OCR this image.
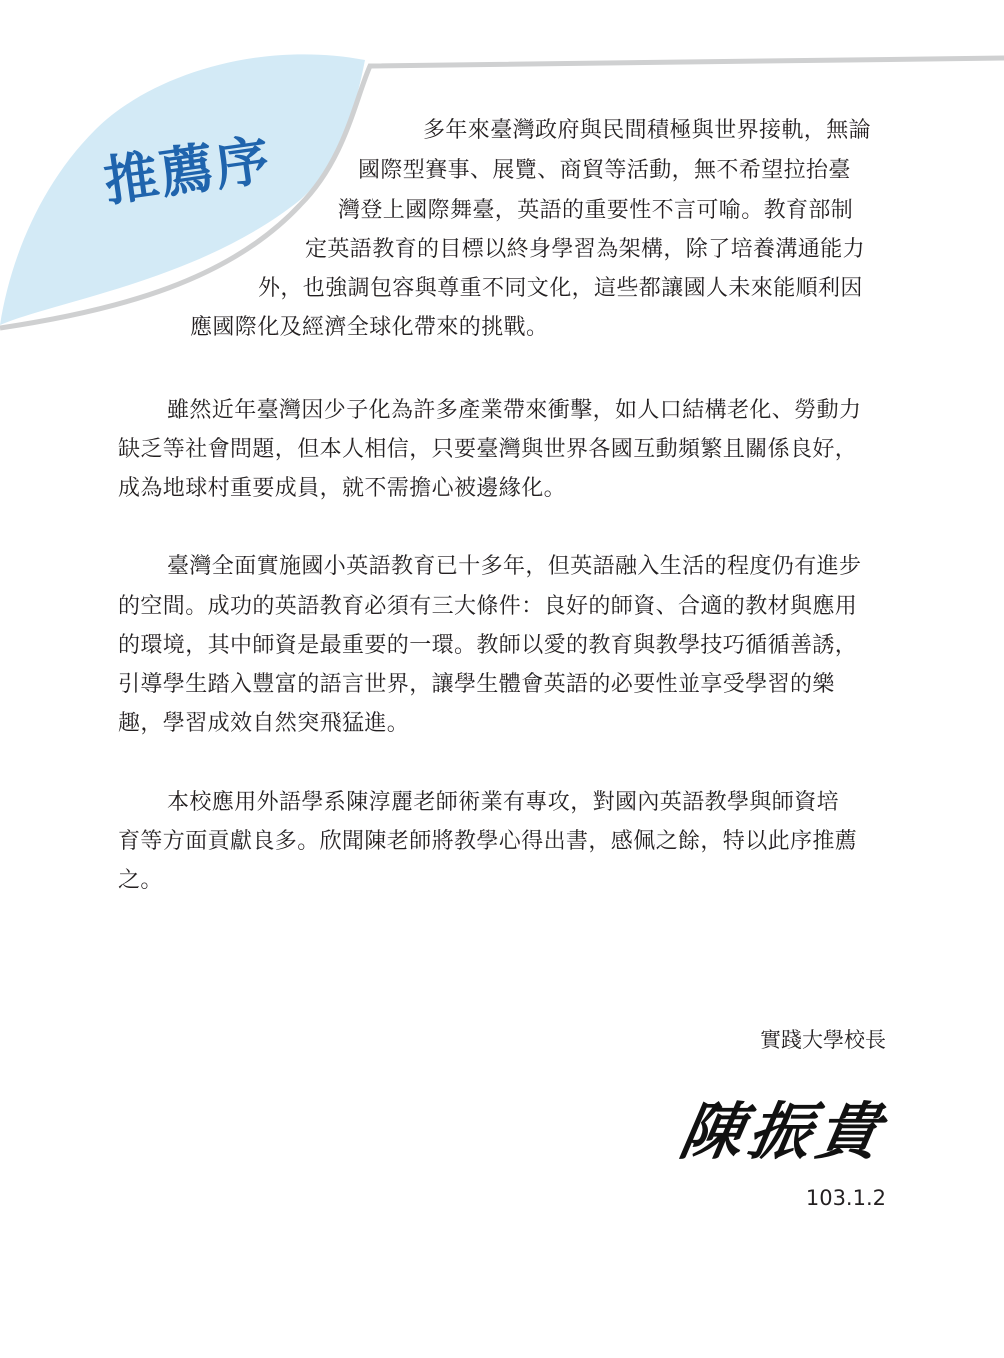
推薦序	多年來臺灣政府與民間積極與世界接軌，無論
國際型賽事、展覽、商貿等活動，無不希望拉抬臺
灣登上國際舞臺，英語的重要性不言可喻。教育部制
定英語教育的目標以終身學習為架構，除了培養溝通能力
外，也強調包容與尊重不同文化，這些都讓國人未來能順利因
應國際化及經濟全球化帶來的挑戰。
雖然近年臺灣因少子化為許多產業帶來衝擊，如人口結構老化、勞動力
缺乏等社會問題，但本人相信，只要臺灣與世界各國互動頻繁且關係良好，
成為地球村重要成員，就不需擔心被邊緣化。
臺灣全面實施國小英語教育已十多年，但英語融入生活的程度仍有進步
的空間。成功的英語教育必須有三大條件：良好的師資、合適的教材與應用
的環境，其中師資是最重要的一環。教師以愛的教育與教學技巧循循善誘，
引導學生踏入豐富的語言世界，讓學生體會英語的必要性並享受學習的樂
趣，學習成效自然突飛猛進。
本校應用外語學系陳淳麗老師術業有專攻，對國內英語教學與師資培
育等方面貢獻良多。欣聞陳老師將教學心得出書，感佩之餘，特以此序推薦
之。
實踐大學校長
陳振貴
103.1.2
